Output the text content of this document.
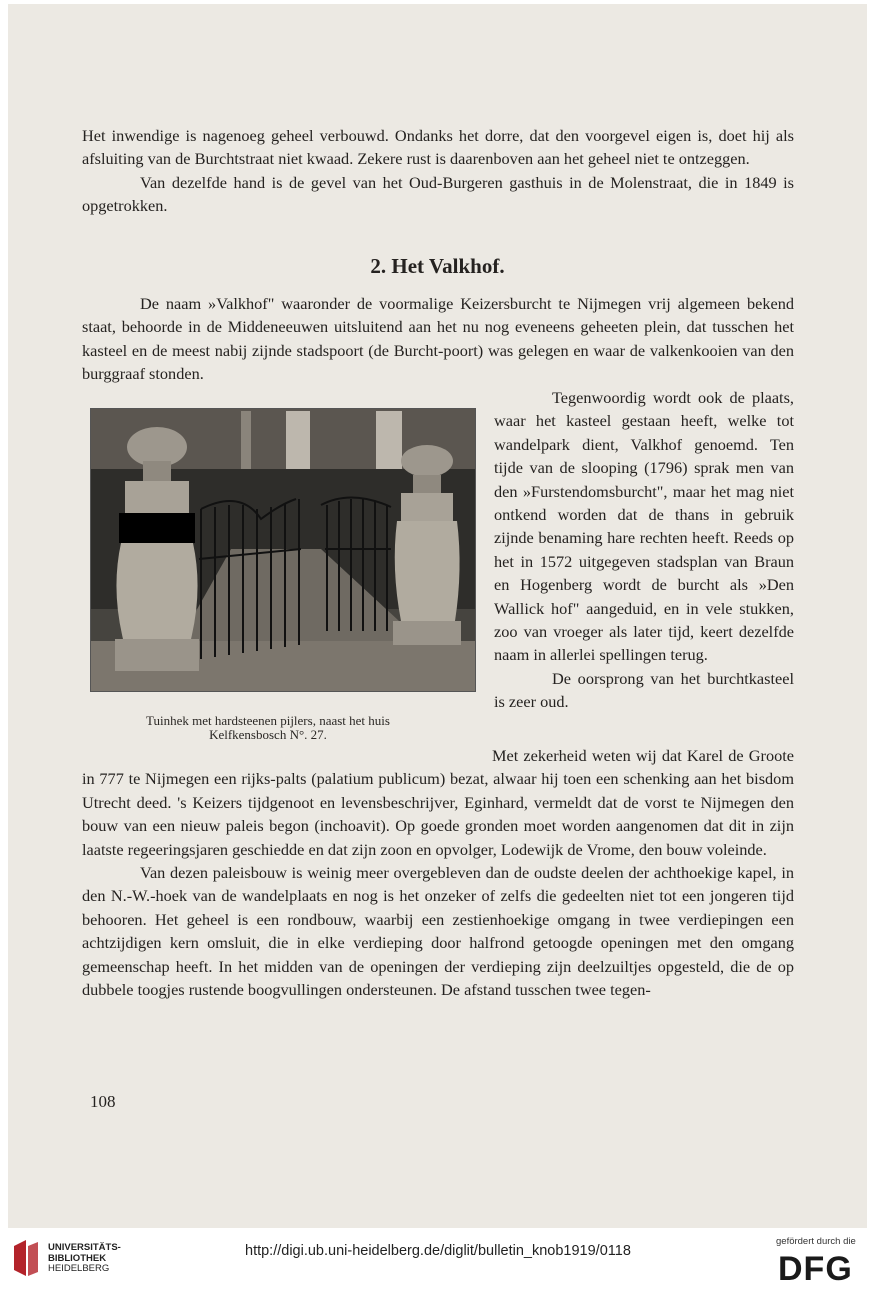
Het inwendige is nagenoeg geheel verbouwd. Ondanks het dorre, dat den voorgevel eigen is, doet hij als afsluiting van de Burchtstraat niet kwaad. Zekere rust is daarenboven aan het geheel niet te ontzeggen.

Van dezelfde hand is de gevel van het Oud-Burgeren gasthuis in de Molenstraat, die in 1849 is opgetrokken.

2. Het Valkhof.

De naam »Valkhof" waaronder de voormalige Keizersburcht te Nijmegen vrij algemeen bekend staat, behoorde in de Middeneeuwen uitsluitend aan het nu nog eveneens geheeten plein, dat tusschen het kasteel en de meest nabij zijnde stadspoort (de Burcht-poort) was gelegen en waar de valkenkooien van den burggraaf stonden.

Tegenwoordig wordt ook de plaats, waar het kasteel gestaan heeft, welke tot wandelpark dient, Valkhof genoemd. Ten tijde van de slooping (1796) sprak men van den »Furstendomsburcht", maar het mag niet ontkend worden dat de thans in gebruik zijnde benaming hare rechten heeft. Reeds op het in 1572 uitgegeven stadsplan van Braun en Hogenberg wordt de burcht als »Den Wallick hof" aangeduid, en in vele stukken, zoo van vroeger als later tijd, keert dezelfde naam in allerlei spellingen terug.

De oorsprong van het burchtkasteel is zeer oud.

Tuinhek met hardsteenen pijlers, naast het huis
Kelfkensbosch N°. 27.

Met zekerheid weten wij dat Karel de Groote in 777 te Nijmegen een rijks-palts (palatium publicum) bezat, alwaar hij toen een schenking aan het bisdom Utrecht deed. 's Keizers tijdgenoot en levensbeschrijver, Eginhard, vermeldt dat de vorst te Nijmegen den bouw van een nieuw paleis begon (inchoavit). Op goede gronden moet worden aangenomen dat dit in zijn laatste regeeringsjaren geschiedde en dat zijn zoon en opvolger, Lodewijk de Vrome, den bouw voleinde.

Van dezen paleisbouw is weinig meer overgebleven dan de oudste deelen der achthoekige kapel, in den N.-W.-hoek van de wandelplaats en nog is het onzeker of zelfs die gedeelten niet tot een jongeren tijd behooren. Het geheel is een rondbouw, waarbij een zestienhoekige omgang in twee verdiepingen een achtzijdigen kern omsluit, die in elke verdieping door halfrond getoogde openingen met den omgang gemeenschap heeft. In het midden van de openingen der verdieping zijn deelzuiltjes opgesteld, die de op dubbele toogjes rustende boogvullingen ondersteunen. De afstand tusschen twee tegen-

108
UNIVERSITÄTS-
BIBLIOTHEK
HEIDELBERG
http://digi.ub.uni-heidelberg.de/diglit/bulletin_knob1919/0118
gefördert durch die
DFG
